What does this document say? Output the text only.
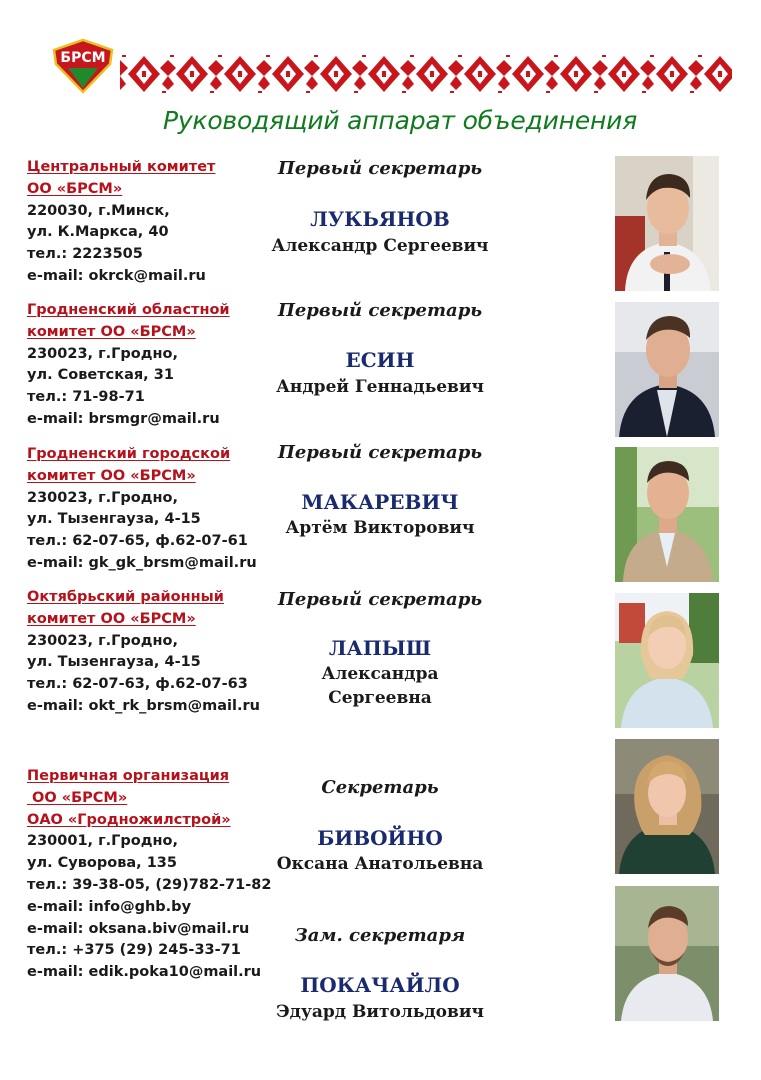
БРСМ
Руководящий аппарат объединения
Центральный комитет
ОО «БРСМ»
220030, г.Минск,
ул. К.Маркса, 40
тел.: 2223505
e-mail: okrck@mail.ru
Первый секретарь
ЛУКЬЯНОВ
Александр Сергеевич
Гродненский областной
комитет ОО «БРСМ»
230023, г.Гродно,
ул. Советская, 31
тел.: 71-98-71
e-mail: brsmgr@mail.ru
Первый секретарь
ЕСИН
Андрей Геннадьевич
Гродненский городской
комитет ОО «БРСМ»
230023, г.Гродно,
ул. Тызенгауза, 4-15
тел.: 62-07-65, ф.62-07-61
e-mail: gk_gk_brsm@mail.ru
Первый секретарь
МАКАРЕВИЧ
Артём Викторович
Октябрьский районный
комитет ОО «БРСМ»
230023, г.Гродно,
ул. Тызенгауза, 4-15
тел.: 62-07-63, ф.62-07-63
e-mail: okt_rk_brsm@mail.ru
Первый секретарь
ЛАПЫШ
Александра
Сергеевна
Первичная организация
ОО «БРСМ»
ОАО «Гродножилстрой»
230001, г.Гродно,
ул. Суворова, 135
тел.: 39-38-05, (29)782-71-82
e-mail: info@ghb.by
e-mail: oksana.biv@mail.ru
тел.: +375 (29) 245-33-71
e-mail: edik.poka10@mail.ru
Секретарь
БИВОЙНО
Оксана Анатольевна
Зам. секретаря
ПОКАЧАЙЛО
Эдуард Витольдович
